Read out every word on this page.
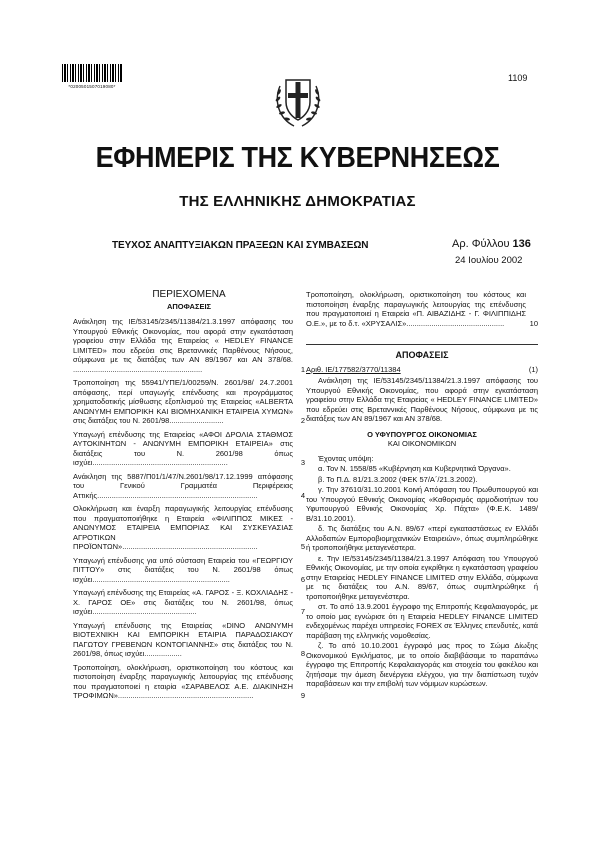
*0200501507019080*
1109
ΕΦΗΜΕΡΙΣ ΤΗΣ ΚΥΒΕΡΝΗΣΕΩΣ
ΤΗΣ ΕΛΛΗΝΙΚΗΣ ΔΗΜΟΚΡΑΤΙΑΣ
ΤΕΥΧΟΣ ΑΝΑΠΤΥΞΙΑΚΩΝ ΠΡΑΞΕΩΝ ΚΑΙ ΣΥΜΒΑΣΕΩΝ	Αρ. Φύλλου 136
24 Ιουλίου 2002
ΠΕΡΙΕΧΟΜΕΝΑ
ΑΠΟΦΑΣΕΙΣ
Ανάκληση της ΙΕ/53145/2345/11384/21.3.1997 απόφασης του Υπουργού Εθνικής Οικονομίας, που αφορά στην εγκατάσταση γραφείου στην Ελλάδα της Εταιρείας « HEDLEY FINANCE LIMITED» που εδρεύει στις Βρεταννικές Παρθένους Νήσους, σύμφωνα με τις διατάξεις των ΑΝ 89/1967 και ΑΝ 378/68. ..............................................................	1
Τροποποίηση της 55941/ΥΠΕ/1/00259/Ν. 2601/98/ 24.7.2001 απόφασης, περί υπαγωγής επένδυσης και προγράμματος χρηματοδοτικής μίσθωσης εξοπλισμού της Εταιρείας «ALBERTA ΑΝΩΝΥΜΗ ΕΜΠΟΡΙΚΗ ΚΑΙ ΒΙΟΜΗΧΑΝΙΚΗ ΕΤΑΙΡΕΙΑ ΧΥΜΩΝ» στις διατάξεις του Ν. 2601/98..........................	2
Υπαγωγή επένδυσης της Εταιρείας «ΑΦΟΙ ΔΡΟΛΙΑ ΣΤΑΘΜΟΣ ΑΥΤΟΚΙΝΗΤΩΝ - ΑΝΩΝΥΜΗ ΕΜΠΟΡΙΚΗ ΕΤΑΙΡΕΙΑ» στις διατάξεις του Ν. 2601/98 όπως ισχύει.................................................................	3
Ανάκληση της 5887/Π01/1/47/Ν.2601/98/17.12.1999 απόφασης του Γενικού Γραμματέα Περιφέρειας Αττικής.............................................................................	4
Ολοκλήρωση και έναρξη παραγωγικής λειτουργίας επένδυσης που πραγματοποιήθηκε η Εταιρεία «ΦΙΛΙΠΠΟΣ ΜΙΚΕΣ - ΑΝΩΝΥΜΟΣ ΕΤΑΙΡΕΙΑ ΕΜΠΟΡΙΑΣ ΚΑΙ ΣΥΣΚΕΥΑΣΙΑΣ ΑΓΡΟΤΙΚΩΝ ΠΡΟΪΟΝΤΩΝ».................................................................	5
Υπαγωγή επένδυσης για υπό σύσταση Εταιρεία του «ΓΕΩΡΓΙΟΥ ΠΙΤΤΟΥ» στις διατάξεις του Ν. 2601/98 όπως ισχύει..................................................................	6
Υπαγωγή επένδυσης της Εταιρείας «Α. ΓΑΡΟΣ - Ξ. ΚΟΧΛΙΑΔΗΣ - Χ. ΓΑΡΟΣ ΟΕ» στις διατάξεις του Ν. 2601/98, όπως ισχύει..................................................	7
Υπαγωγή επένδυσης της Εταιρείας «DINO ΑΝΩΝΥΜΗ ΒΙΟΤΕΧΝΙΚΗ ΚΑΙ ΕΜΠΟΡΙΚΗ ΕΤΑΙΡΙΑ ΠΑΡΑΔΟΣΙΑΚΟΥ ΠΑΓΩΤΟΥ ΓΡΕΒΕΝΩΝ ΚΟΝΤΟΓΙΑΝΝΗΣ» στις διατάξεις του Ν. 2601/98, όπως ισχύει..................	8
Τροποποίηση, ολοκλήρωση, οριστικοποίηση του κόστους και πιστοποίηση έναρξης παραγωγικής λειτουργίας της επένδυσης που πραγματοποιεί η εταιρία «ΣΑΡΑΒΕΛΟΣ Α.Ε. ΔΙΑΚΙΝΗΣΗ ΤΡΟΦΙΜΩΝ».................................................................	9
Τροποποίηση, ολοκλήρωση, οριστικοποίηση του κόστους και πιστοποίηση έναρξης παραγωγικής λειτουργίας της επένδυσης που πραγματοποιεί η Εταιρεία «Π. ΑΙΒΑΖΙΔΗΣ - Γ. ΦΙΛΙΠΠΙΔΗΣ Ο.Ε.», με το δ.τ. «ΧΡΥΣΑΛΙΣ»...............................................	10
ΑΠΟΦΑΣΕΙΣ
Αριθ. ΙΕ/177582/3770/11384	(1)
Ανάκληση της ΙΕ/53145/2345/11384/21.3.1997 απόφασης του Υπουργού Εθνικής Οικονομίας, που αφορά στην εγκατάσταση γραφείου στην Ελλάδα της Εταιρείας « HEDLEY FINANCE LIMITED» που εδρεύει στις Βρεταννικές Παρθένους Νήσους, σύμφωνα με τις διατάξεις των ΑΝ 89/1967 και ΑΝ 378/68.
Ο ΥΦΥΠΟΥΡΓΟΣ ΟΙΚΟΝΟΜΙΑΣ
ΚΑΙ ΟΙΚΟΝΟΜΙΚΩΝ
Έχοντας υπόψη:
α. Τον Ν. 1558/85 «Κυβέρνηση και Κυβερνητικά Όργανα».
β. Το Π.Δ. 81/21.3.2002 (ΦΕΚ 57/Α΄/21.3.2002).
γ. Την 37610/31.10.2001 Κοινή Απόφαση του Πρωθυπουργού και του Υπουργού Εθνικής Οικονομίας «Καθορισμός αρμοδιοτήτων του Υφυπουργού Εθνικής Οικονομίας Χρ. Πάχτα» (Φ.Ε.Κ. 1489/Β/31.10.2001).
δ. Τις διατάξεις του Α.Ν. 89/67 «περί εγκαταστάσεως εν Ελλάδι Αλλοδαπών Εμποροβιομηχανικών Εταιρειών», όπως συμπληρώθηκε ή τροποποιήθηκε μεταγενέστερα.
ε. Την ΙΕ/53145/2345/11384/21.3.1997 Απόφαση του Υπουργού Εθνικής Οικονομίας, με την οποία εγκρίθηκε η εγκατάσταση γραφείου στην Εταιρείας HEDLEY FINANCE LIMITED στην Ελλάδα, σύμφωνα με τις διατάξεις του Α.Ν. 89/67, όπως συμπληρώθηκε ή τροποποιήθηκε μεταγενέστερα.
στ. Το από 13.9.2001 έγγραφο της Επιτροπής Κεφαλαιαγοράς, με το οποίο μας εγνώρισε ότι η Εταιρεία HEDLEY FINANCE LIMITED ενδεχομένως παρέχει υπηρεσίες FOREX σε Έλληνες επενδυτές, κατά παράβαση της ελληνικής νομοθεσίας.
ζ. Το από 10.10.2001 έγγραφό μας προς το Σώμα Δίωξης Οικονομικού Εγκλήματος, με το οποίο διαβιβάσαμε το παραπάνω έγγραφο της Επιτροπής Κεφαλαιαγοράς και στοιχεία του φακέλου και ζητήσαμε την άμεση διενέργεια ελέγχου, για την διαπίστωση τυχόν παραβάσεων και την επιβολή των νόμιμων κυρώσεων.
